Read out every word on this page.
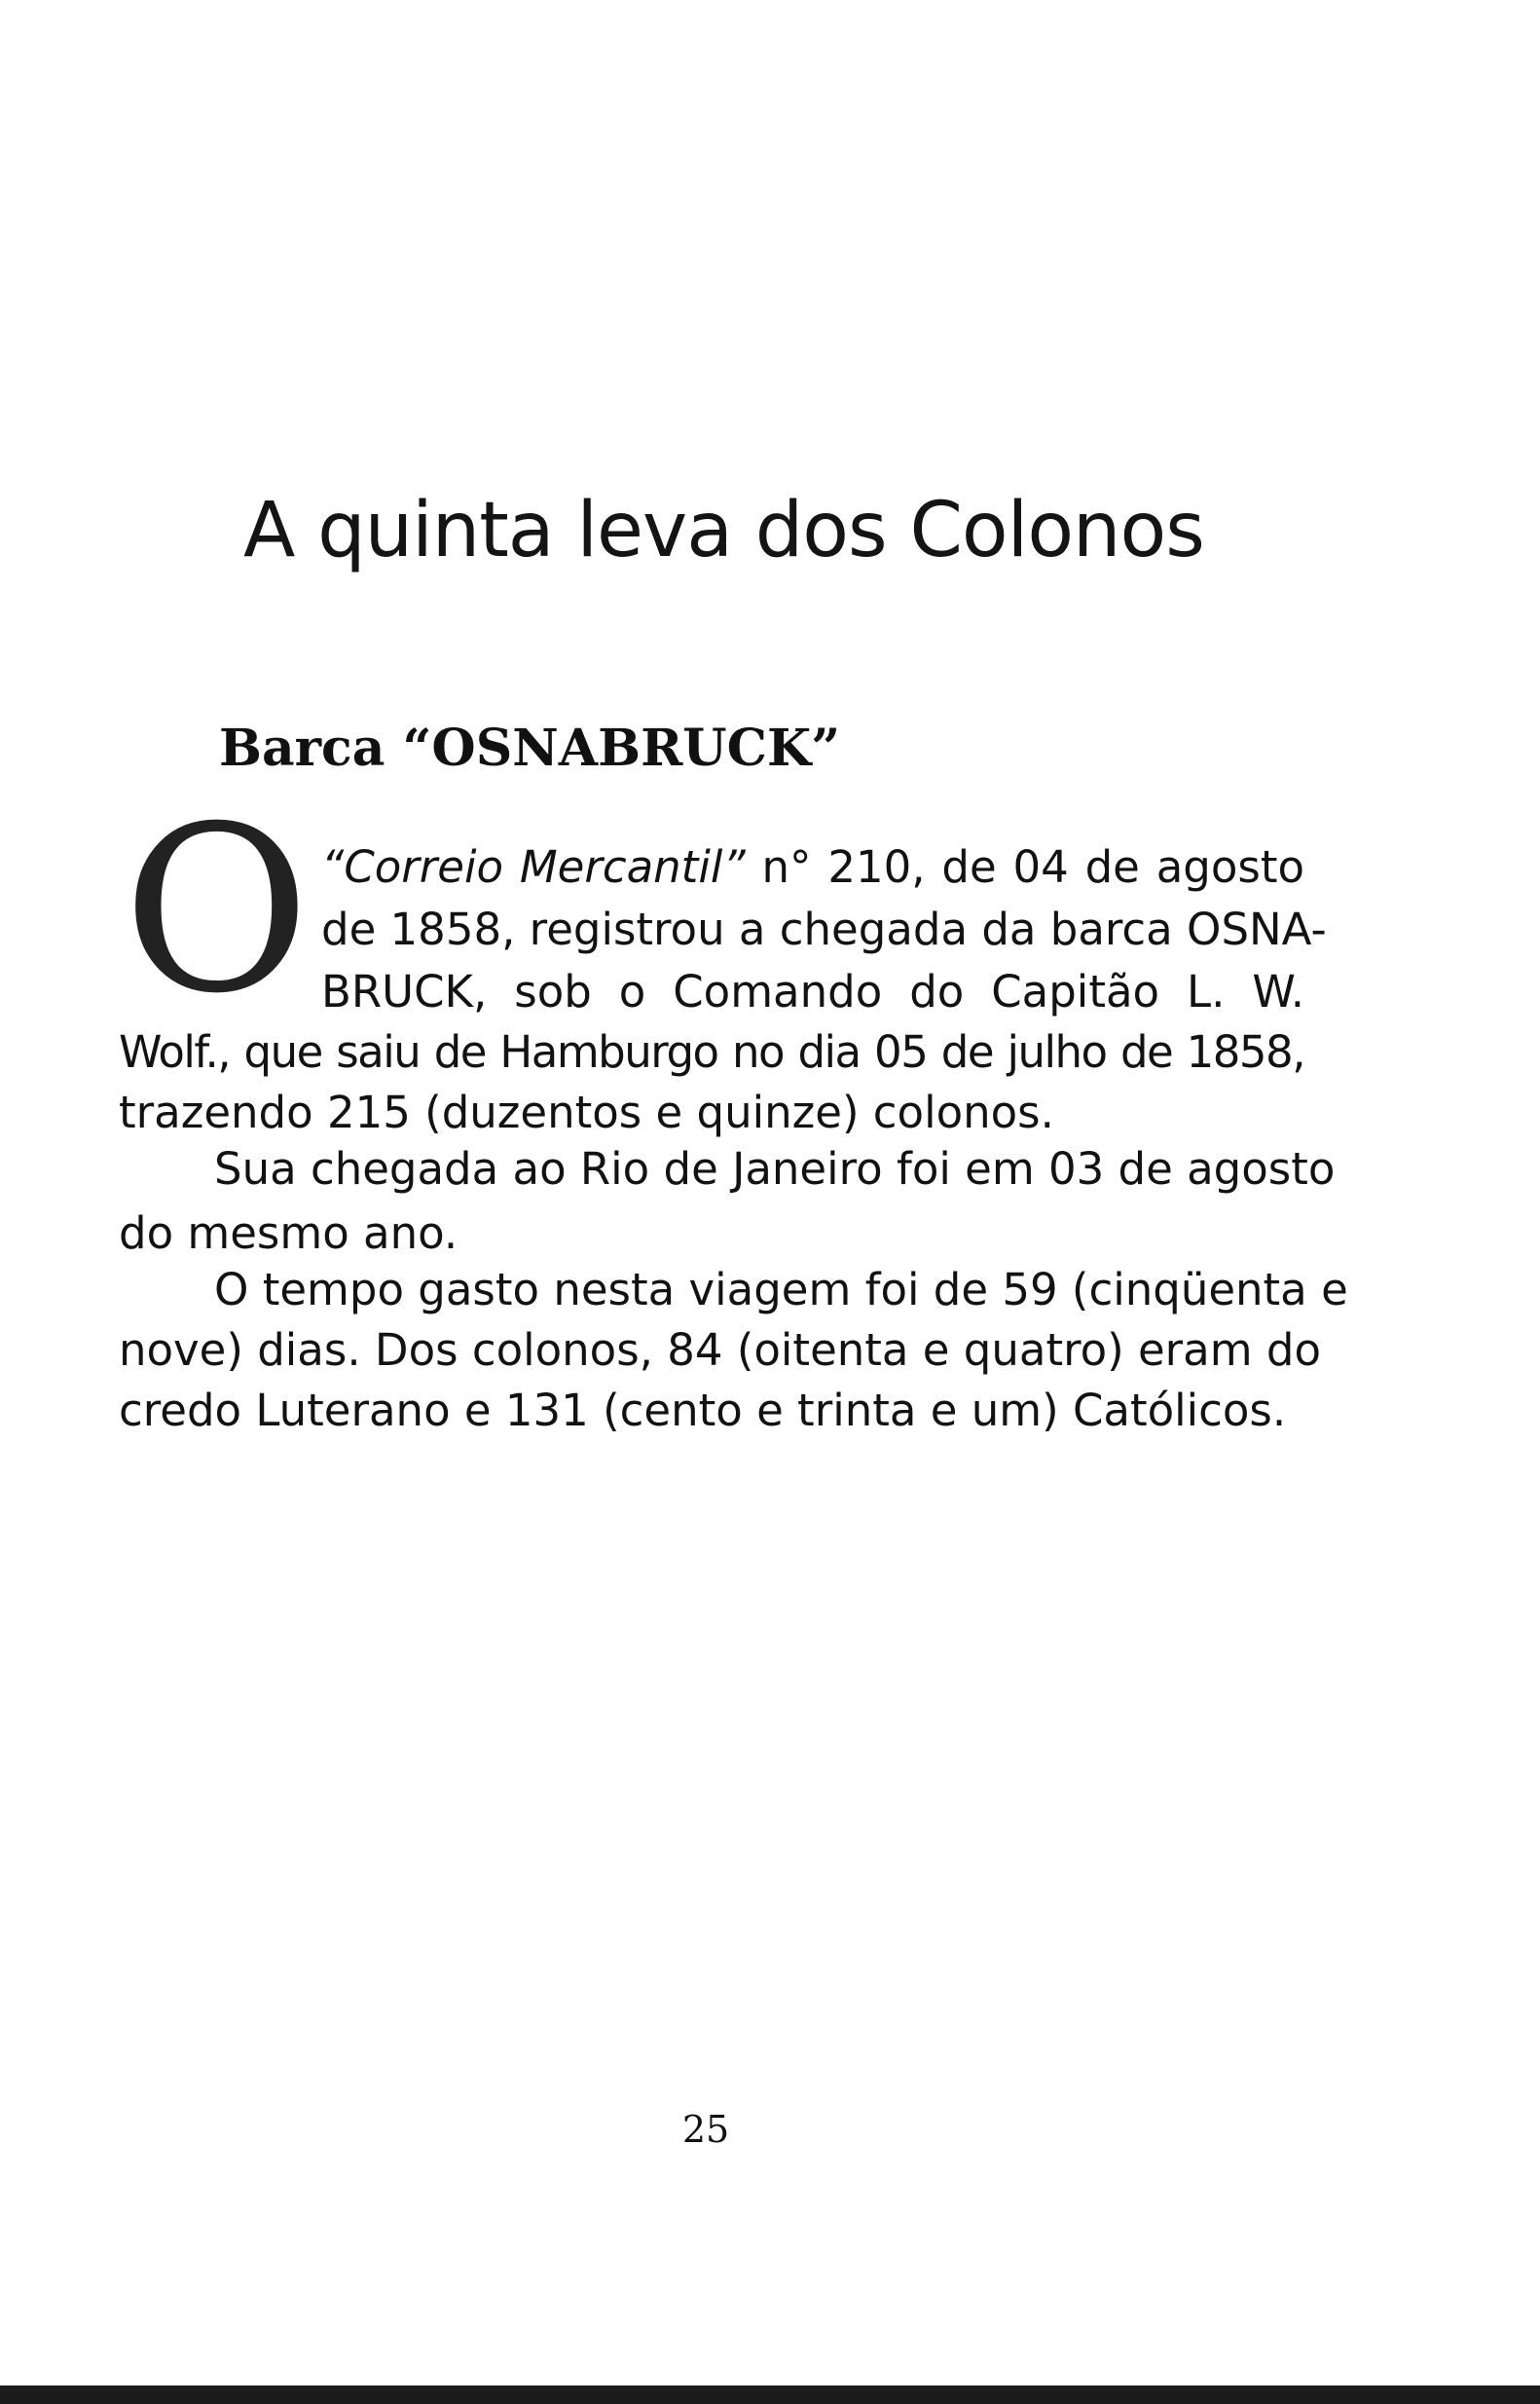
A quinta leva dos Colonos
Barca “OSNABRUCK”
O “Correio Mercantil” n° 210, de 04 de agosto
de 1858, registrou a chegada da barca OSNA-
BRUCK, sob o Comando do Capitão L. W.
Wolf., que saiu de Hamburgo no dia 05 de julho de 1858,
trazendo 215 (duzentos e quinze) colonos.
Sua chegada ao Rio de Janeiro foi em 03 de agosto
do mesmo ano.
O tempo gasto nesta viagem foi de 59 (cinqüenta e
nove) dias. Dos colonos, 84 (oitenta e quatro) eram do
credo Luterano e 131 (cento e trinta e um) Católicos.
25
